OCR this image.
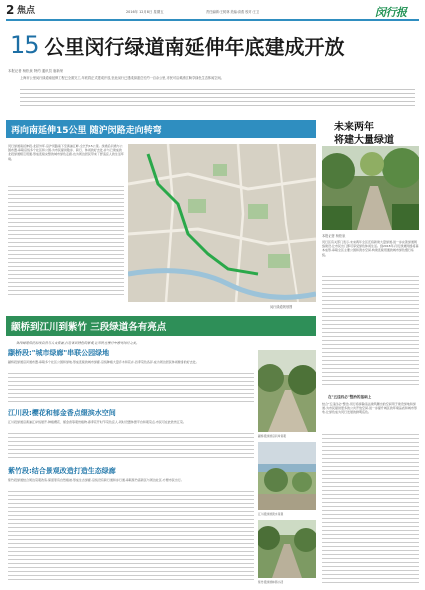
2 焦点	2016年 12月8日 星期五	责任编辑:王树林 美编:高燕 校对:王卫	闵行报
15 公里闵行绿道南延伸年底建成开放
本报记者 杨松泉 特约 通讯员 唐新荣
上海市公里闵行绿道南延伸工程已全面完工,年底将正式建成开放,至此闵行已建成绿道总长约一百余公里,市民可沿黄浦江畅享绿色生态休闲空间。
再向南延伸15公里 随沪闵路走向转弯
闵行绿道南延伸段,北起外环,沿沪闵路南下至黄浦江畔,全长约15公里。绿道沿河道与公园布置,串联沿线多个社区和公园,为市民提供散步、骑行、休闲的好去处,并与已建成的北段绿道相互贯通,形成连续完整的城市绿色走廊,也为周边居民带来了舒适宜人的生活环境。
闵行绿道规划图
未来两年
将建大量绿道
本报记者 杨松泉
闵行区有关部门表示,未来两年全区还将新建大量绿道,进一步完善绿道网络建设,让市民出门即可享受绿色休闲生活。到2018年,闵行绿道网络将基本成形,串联全区主要公园和滨水空间,构建连续贯通的城市绿色慢行系统。
在"五违四必"整治的基础上
结合"五违四必"整治,闵行将拆除违法建筑腾出的空间用于建设绿地和绿道,为市民提供更多的公共开放空间,进一步提升城区的环境品质和城市形象,让绿色成为闵行发展的鲜明底色。
颛桥到江川到紫竹 三段绿道各有亮点
各段绿道依托沿线自然与人文资源,打造各具特色的景观,让市民在慢行中感受闵行之美。
颛桥段:"城市绿廊"串联公园绿地
颛桥段绿道沿河道布置,串联多个社区公园和绿地,形成连续的城市绿廊,沿线种植大量乔木和花卉,四季景色各异,成为周边居民休闲健身的好去处。
颛桥段绿道沿河岸景观
江川段:樱花和郁金香点缀滨水空间
江川段绿道沿黄浦江岸线展开,种植樱花、郁金香等观赏植物,春季花开时节景色宜人,同时设置休憩平台和观景点,市民可在此欣赏江景。
江川段绿道滨水景观
紫竹段:结合景观改造打造生态绿廊
紫竹段绿道结合周边景观改造,保留原有自然植被,形成生态绿廊,沿线设有骑行道和步行道,串联紫竹高新区与周边社区,方便市民出行。
紫竹段绿道林荫小径
